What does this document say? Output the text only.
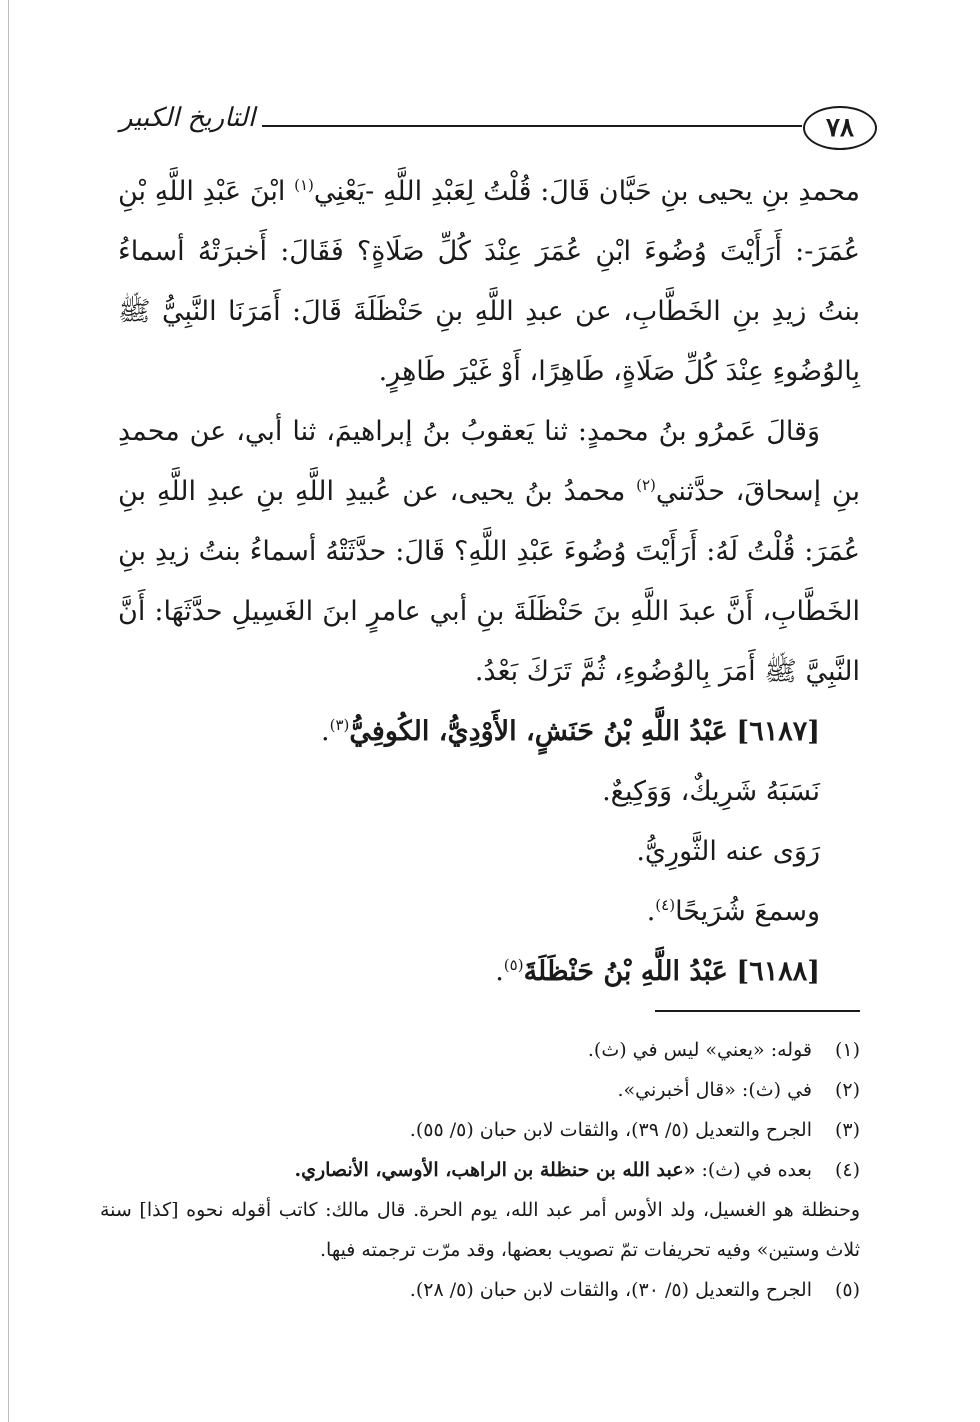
٧٨
التاريخ الكبير

محمدِ بنِ يحيى بنِ حَبَّان قَالَ: قُلْتُ لِعَبْدِ اللَّهِ -يَعْنِي$^{(١)}$ ابْنَ عَبْدِ اللَّهِ بْنِ عُمَرَ-: أَرَأَيْتَ وُضُوءَ ابْنِ عُمَرَ عِنْدَ كُلِّ صَلَاةٍ؟ فَقَالَ: أَخبرَتْهُ أسماءُ بنتُ زيدِ بنِ الخَطَّابِ، عن عبدِ اللَّهِ بنِ حَنْظَلَةَ قَالَ: أَمَرَنَا النَّبِيُّ ﷺ بِالوُضُوءِ عِنْدَ كُلِّ صَلَاةٍ، طَاهِرًا، أَوْ غَيْرَ طَاهِرٍ.

وَقالَ عَمرُو بنُ محمدٍ: ثنا يَعقوبُ بنُ إبراهيمَ، ثنا أبي، عن محمدِ بنِ إسحاقَ، حدَّثني$^{(٢)}$ محمدُ بنُ يحيى، عن عُبيدِ اللَّهِ بنِ عبدِ اللَّهِ بنِ عُمَرَ: قُلْتُ لَهُ: أَرَأَيْتَ وُضُوءَ عَبْدِ اللَّهِ؟ قَالَ: حدَّثَتْهُ أسماءُ بنتُ زيدِ بنِ الخَطَّابِ، أَنَّ عبدَ اللَّهِ بنَ حَنْظَلَةَ بنِ أبي عامرٍ ابنَ الغَسِيلِ حدَّثَهَا: أَنَّ النَّبِيَّ ﷺ أَمَرَ بِالوُضُوءِ، ثُمَّ تَرَكَ بَعْدُ.

[٦١٨٧] عَبْدُ اللَّهِ بْنُ حَنَشٍ، الأَوْدِيُّ، الكُوفِيُّ$^{(٣)}$.

نَسَبَهُ شَرِيكٌ، وَوَكِيعٌ.

رَوَى عنه الثَّورِيُّ.

وسمعَ شُرَيحًا$^{(٤)}$.

[٦١٨٨] عَبْدُ اللَّهِ بْنُ حَنْظَلَةَ$^{(٥)}$.

(١)
قوله: «يعني» ليس في (ث).
(٢)
في (ث): «قال أخبرني».
(٣)
الجرح والتعديل (٥/ ٣٩)، والثقات لابن حبان (٥/ ٥٥).
(٤)
بعده في (ث): «عبد الله بن حنظلة بن الراهب، الأوسي، الأنصاري.
وحنظلة هو الغسيل، ولد الأوس أمر عبد الله، يوم الحرة. قال مالك: كاتب أقوله نحوه [كذا] سنة ثلاث وستين» وفيه تحريفات تمّ تصويب بعضها، وقد مرّت ترجمته فيها.
(٥)
الجرح والتعديل (٥/ ٣٠)، والثقات لابن حبان (٥/ ٢٨).
